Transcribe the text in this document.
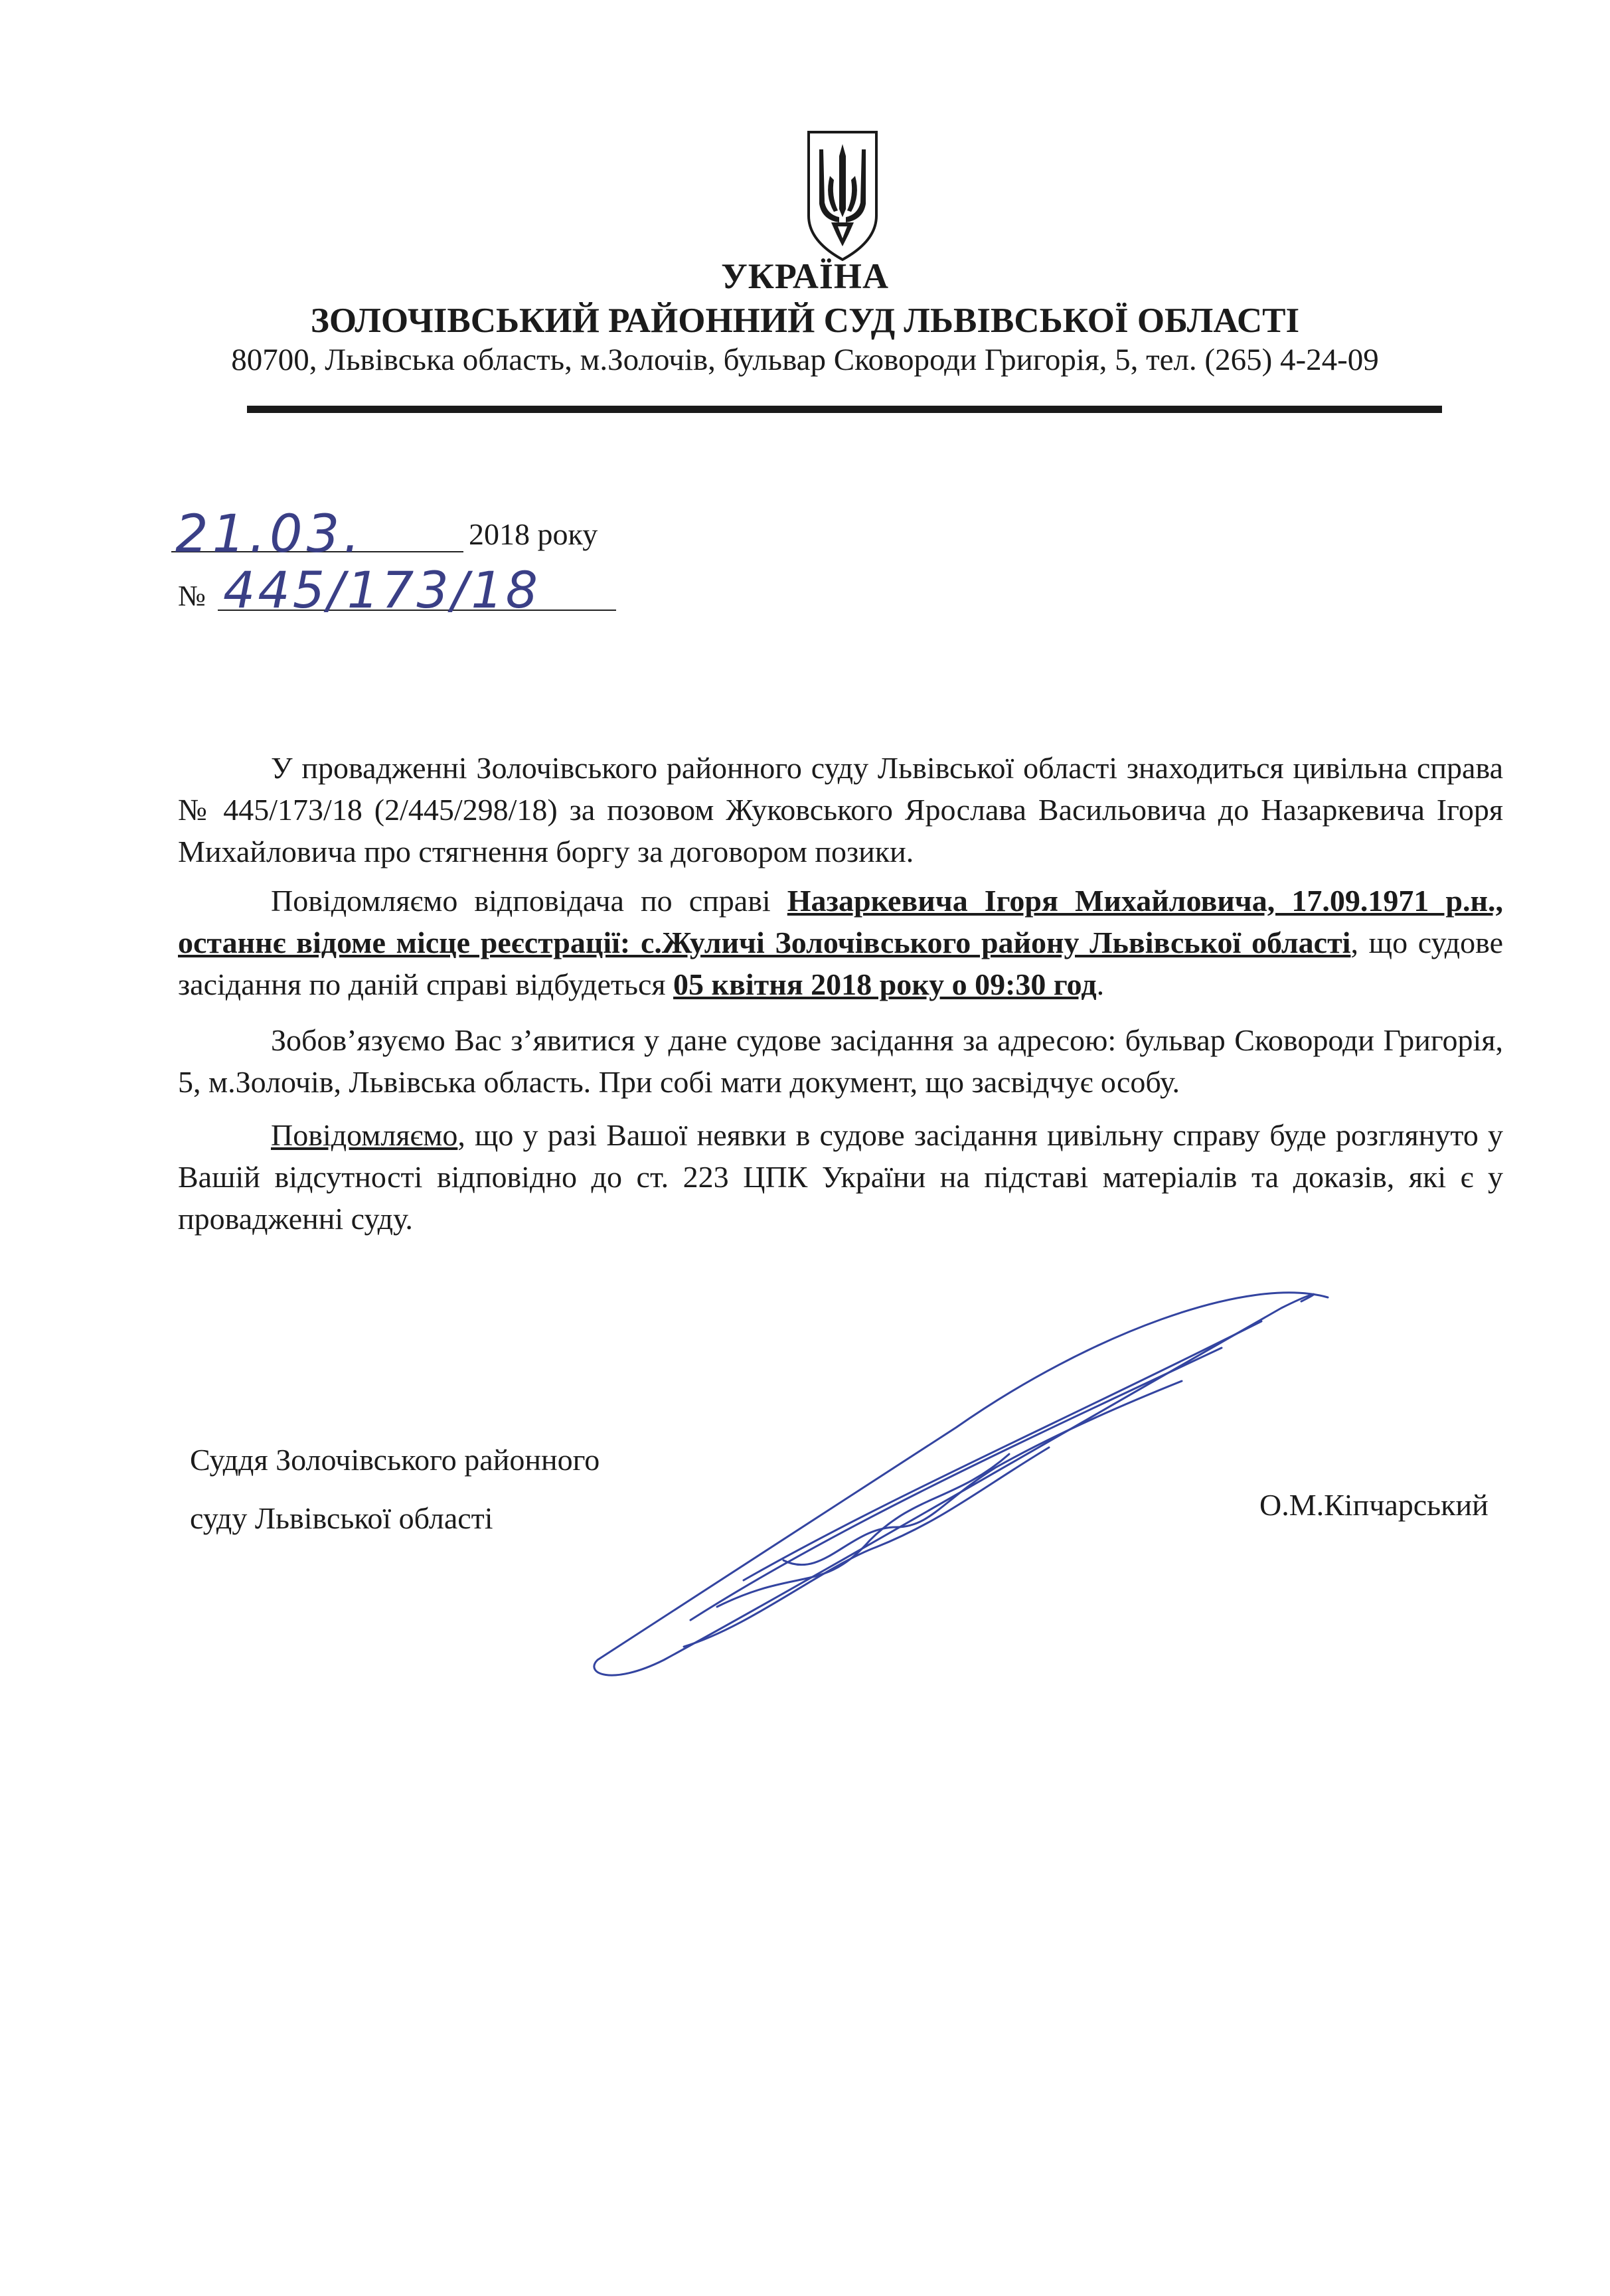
УКРАЇНА
ЗОЛОЧІВСЬКИЙ РАЙОННИЙ СУД ЛЬВІВСЬКОЇ ОБЛАСТІ
80700, Львівська область, м.Золочів, бульвар Сковороди Григорія, 5, тел. (265) 4-24-09
21.03.	2018 року
№ 445/173/18

У провадженні Золочівського районного суду Львівської області знаходиться цивільна справа № 445/173/18 (2/445/298/18) за позовом Жуковського Ярослава Васильовича до Назаркевича Ігоря Михайловича про стягнення боргу за договором позики.

Повідомляємо відповідача по справі Назаркевича Ігоря Михайловича, 17.09.1971 р.н., останнє відоме місце реєстрації: с.Жуличі Золочівського району Львівської області, що судове засідання по даній справі відбудеться 05 квітня 2018 року о 09:30 год.

Зобов’язуємо Вас з’явитися у дане судове засідання за адресою: бульвар Сковороди Григорія, 5, м.Золочів, Львівська область. При собі мати документ, що засвідчує особу.

Повідомляємо, що у разі Вашої неявки в судове засідання цивільну справу буде розглянуто у Вашій відсутності відповідно до ст. 223 ЦПК України на підставі матеріалів та доказів, які є у провадженні суду.

Суддя Золочівського районного
суду Львівської області	О.М.Кіпчарський
